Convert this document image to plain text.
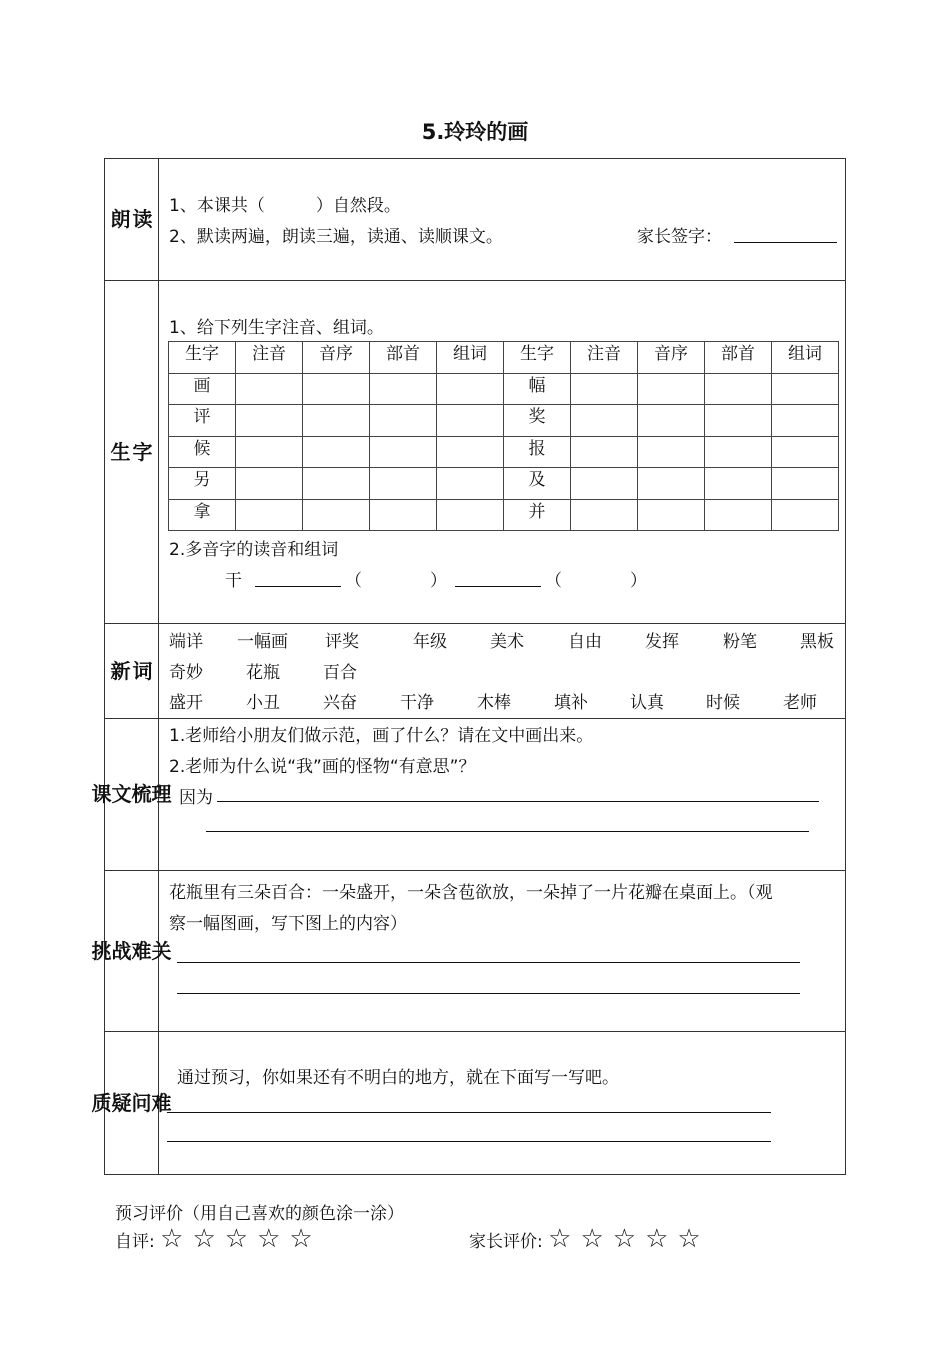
5.玲玲的画
朗 读
1、本课共（　　　）自然段。
2、默读两遍，朗读三遍，读通、读顺课文。	家长签字：
生 字
1、给下列生字注音、组词。
生字	注音	音序	部首	组词	生字	注音	音序	部首	组词
画					幅				
评					奖				
候					报				
另					及				
拿					并				
2.多音字的读音和组词
干	（　　　　）	（　　　　）
新 词
端详 一幅画 评奖	年级	美术	自由	发挥	粉笔	黑板
奇妙	花瓶	百合
盛开	小丑	兴奋	干净	木棒	填补 认真 时候	老师
课 文 梳 理
1.老师给小朋友们做示范，画了什么？请在文中画出来。
2.老师为什么说“我”画的怪物“有意思”？
因为
挑 战 难 关
花瓶里有三朵百合：一朵盛开，一朵含苞欲放，一朵掉了一片花瓣在桌面上。（观
察一幅图画，写下图上的内容）
质 疑 问 难
通过预习，你如果还有不明白的地方，就在下面写一写吧。
预习评价（用自己喜欢的颜色涂一涂）
自评: ☆ ☆ ☆ ☆ ☆	家长评价: ☆ ☆ ☆ ☆ ☆
